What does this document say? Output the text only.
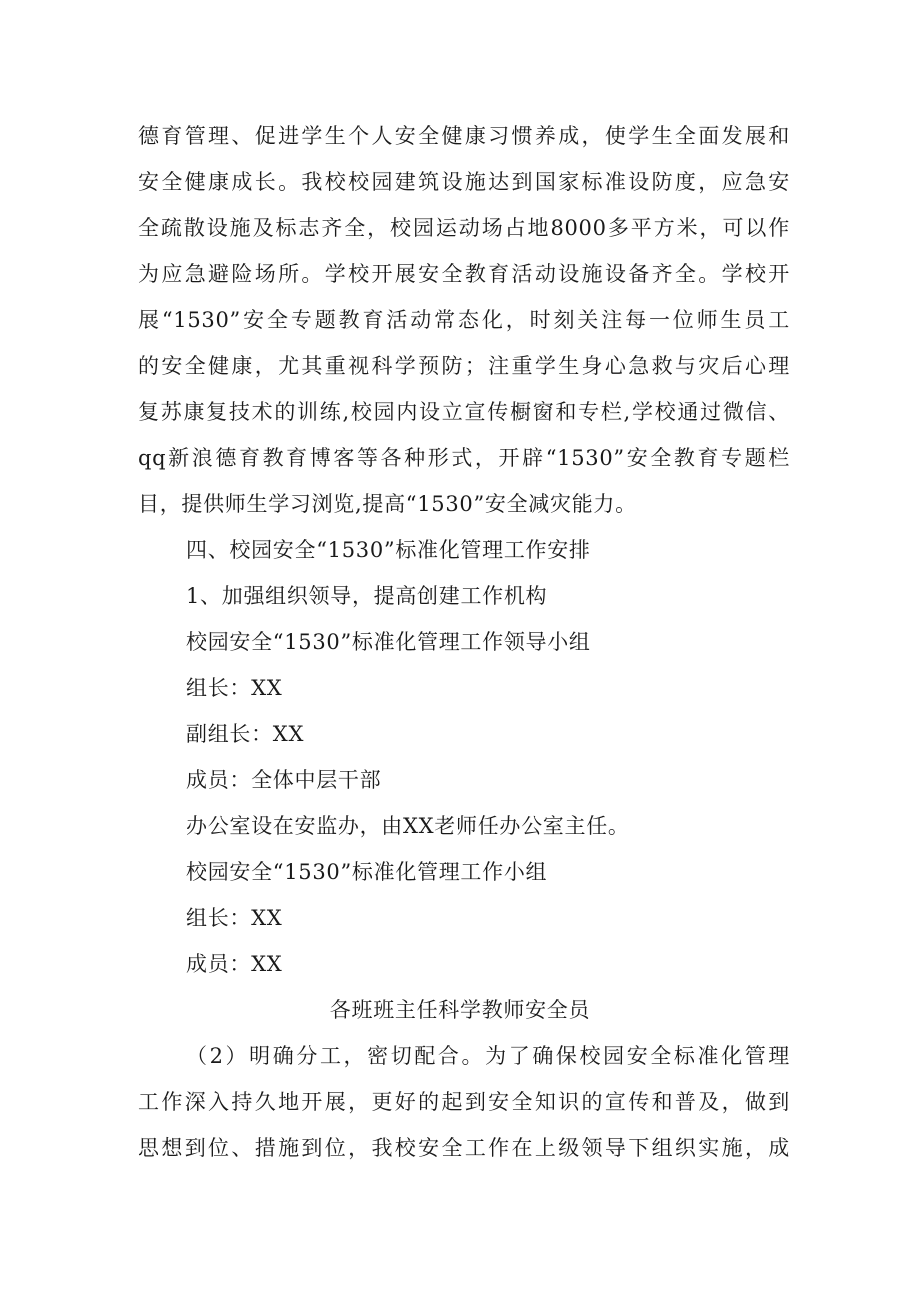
德育管理、促进学生个人安全健康习惯养成，使学生全面发展和
安全健康成长。我校校园建筑设施达到国家标准设防度，应急安
全疏散设施及标志齐全，校园运动场占地8000多平方米，可以作
为应急避险场所。学校开展安全教育活动设施设备齐全。学校开
展“1530”安全专题教育活动常态化，时刻关注每一位师生员工
的安全健康，尤其重视科学预防；注重学生身心急救与灾后心理
复苏康复技术的训练,校园内设立宣传橱窗和专栏,学校通过微信、
qq新浪德育教育博客等各种形式，开辟“1530”安全教育专题栏
目，提供师生学习浏览,提高“1530”安全减灾能力。
四、校园安全“1530”标准化管理工作安排
1、加强组织领导，提高创建工作机构
校园安全“1530”标准化管理工作领导小组
组长：XX
副组长：XX
成员：全体中层干部
办公室设在安监办，由XX老师任办公室主任。
校园安全“1530”标准化管理工作小组
组长：XX
成员：XX
各班班主任科学教师安全员
（2）明确分工，密切配合。为了确保校园安全标准化管理
工作深入持久地开展，更好的起到安全知识的宣传和普及，做到
思想到位、措施到位，我校安全工作在上级领导下组织实施，成
